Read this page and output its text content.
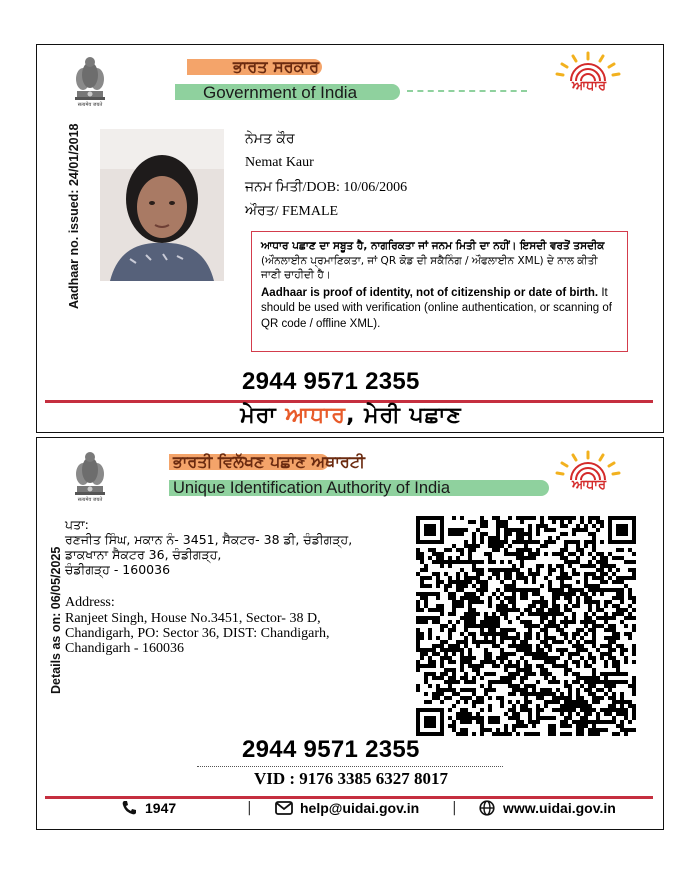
सत्यमेव जयते
ਭਾਰਤ ਸਰਕਾਰ
Government of India	ਆਧਾਰ
Aadhaar no. issued: 24/01/2018	ਨੇਮਤ ਕੌਰ
Nemat Kaur
ਜਨਮ ਮਿਤੀ/DOB: 10/06/2006
ਔਰਤ/ FEMALE
ਆਧਾਰ ਪਛਾਣ ਦਾ ਸਬੂਤ ਹੈ, ਨਾਗਰਿਕਤਾ ਜਾਂ ਜਨਮ ਮਿਤੀ ਦਾ ਨਹੀਂ। ਇਸਦੀ ਵਰਤੋਂ ਤਸਦੀਕ (ਔਨਲਾਈਨ ਪ੍ਰਮਾਣਿਕਤਾ, ਜਾਂ QR ਕੋਡ ਦੀ ਸਕੈਨਿੰਗ / ਔਫਲਾਈਨ XML) ਦੇ ਨਾਲ ਕੀਤੀ ਜਾਣੀ ਚਾਹੀਦੀ ਹੈ।
Aadhaar is proof of identity, not of citizenship or date of birth. It should be used with verification (online authentication, or scanning of QR code / offline XML).
2944 9571 2355
ਮੇਰਾ ਆਧਾਰ, ਮੇਰੀ ਪਛਾਣ
सत्यमेव जयते
ਭਾਰਤੀ ਵਿਲੱਖਣ ਪਛਾਣ ਅਥਾਰਟੀ
Unique Identification Authority of India	ਆਧਾਰ
Details as on: 06/05/2025
ਪਤਾ:
ਰਣਜੀਤ ਸਿੰਘ, ਮਕਾਨ ਨੰ- 3451, ਸੈਕਟਰ- 38 ਡੀ, ਚੰਡੀਗੜ੍ਹ,
ਡਾਕਖਾਨਾ ਸੈਕਟਰ 36, ਚੰਡੀਗੜ੍ਹ,
ਚੰਡੀਗੜ੍ਹ - 160036
Address:
Ranjeet Singh, House No.3451, Sector- 38 D,
Chandigarh, PO: Sector 36, DIST: Chandigarh,
Chandigarh - 160036
2944 9571 2355
VID : 9176 3385 6327 8017
1947	|	help@uidai.gov.in |	www.uidai.gov.in
